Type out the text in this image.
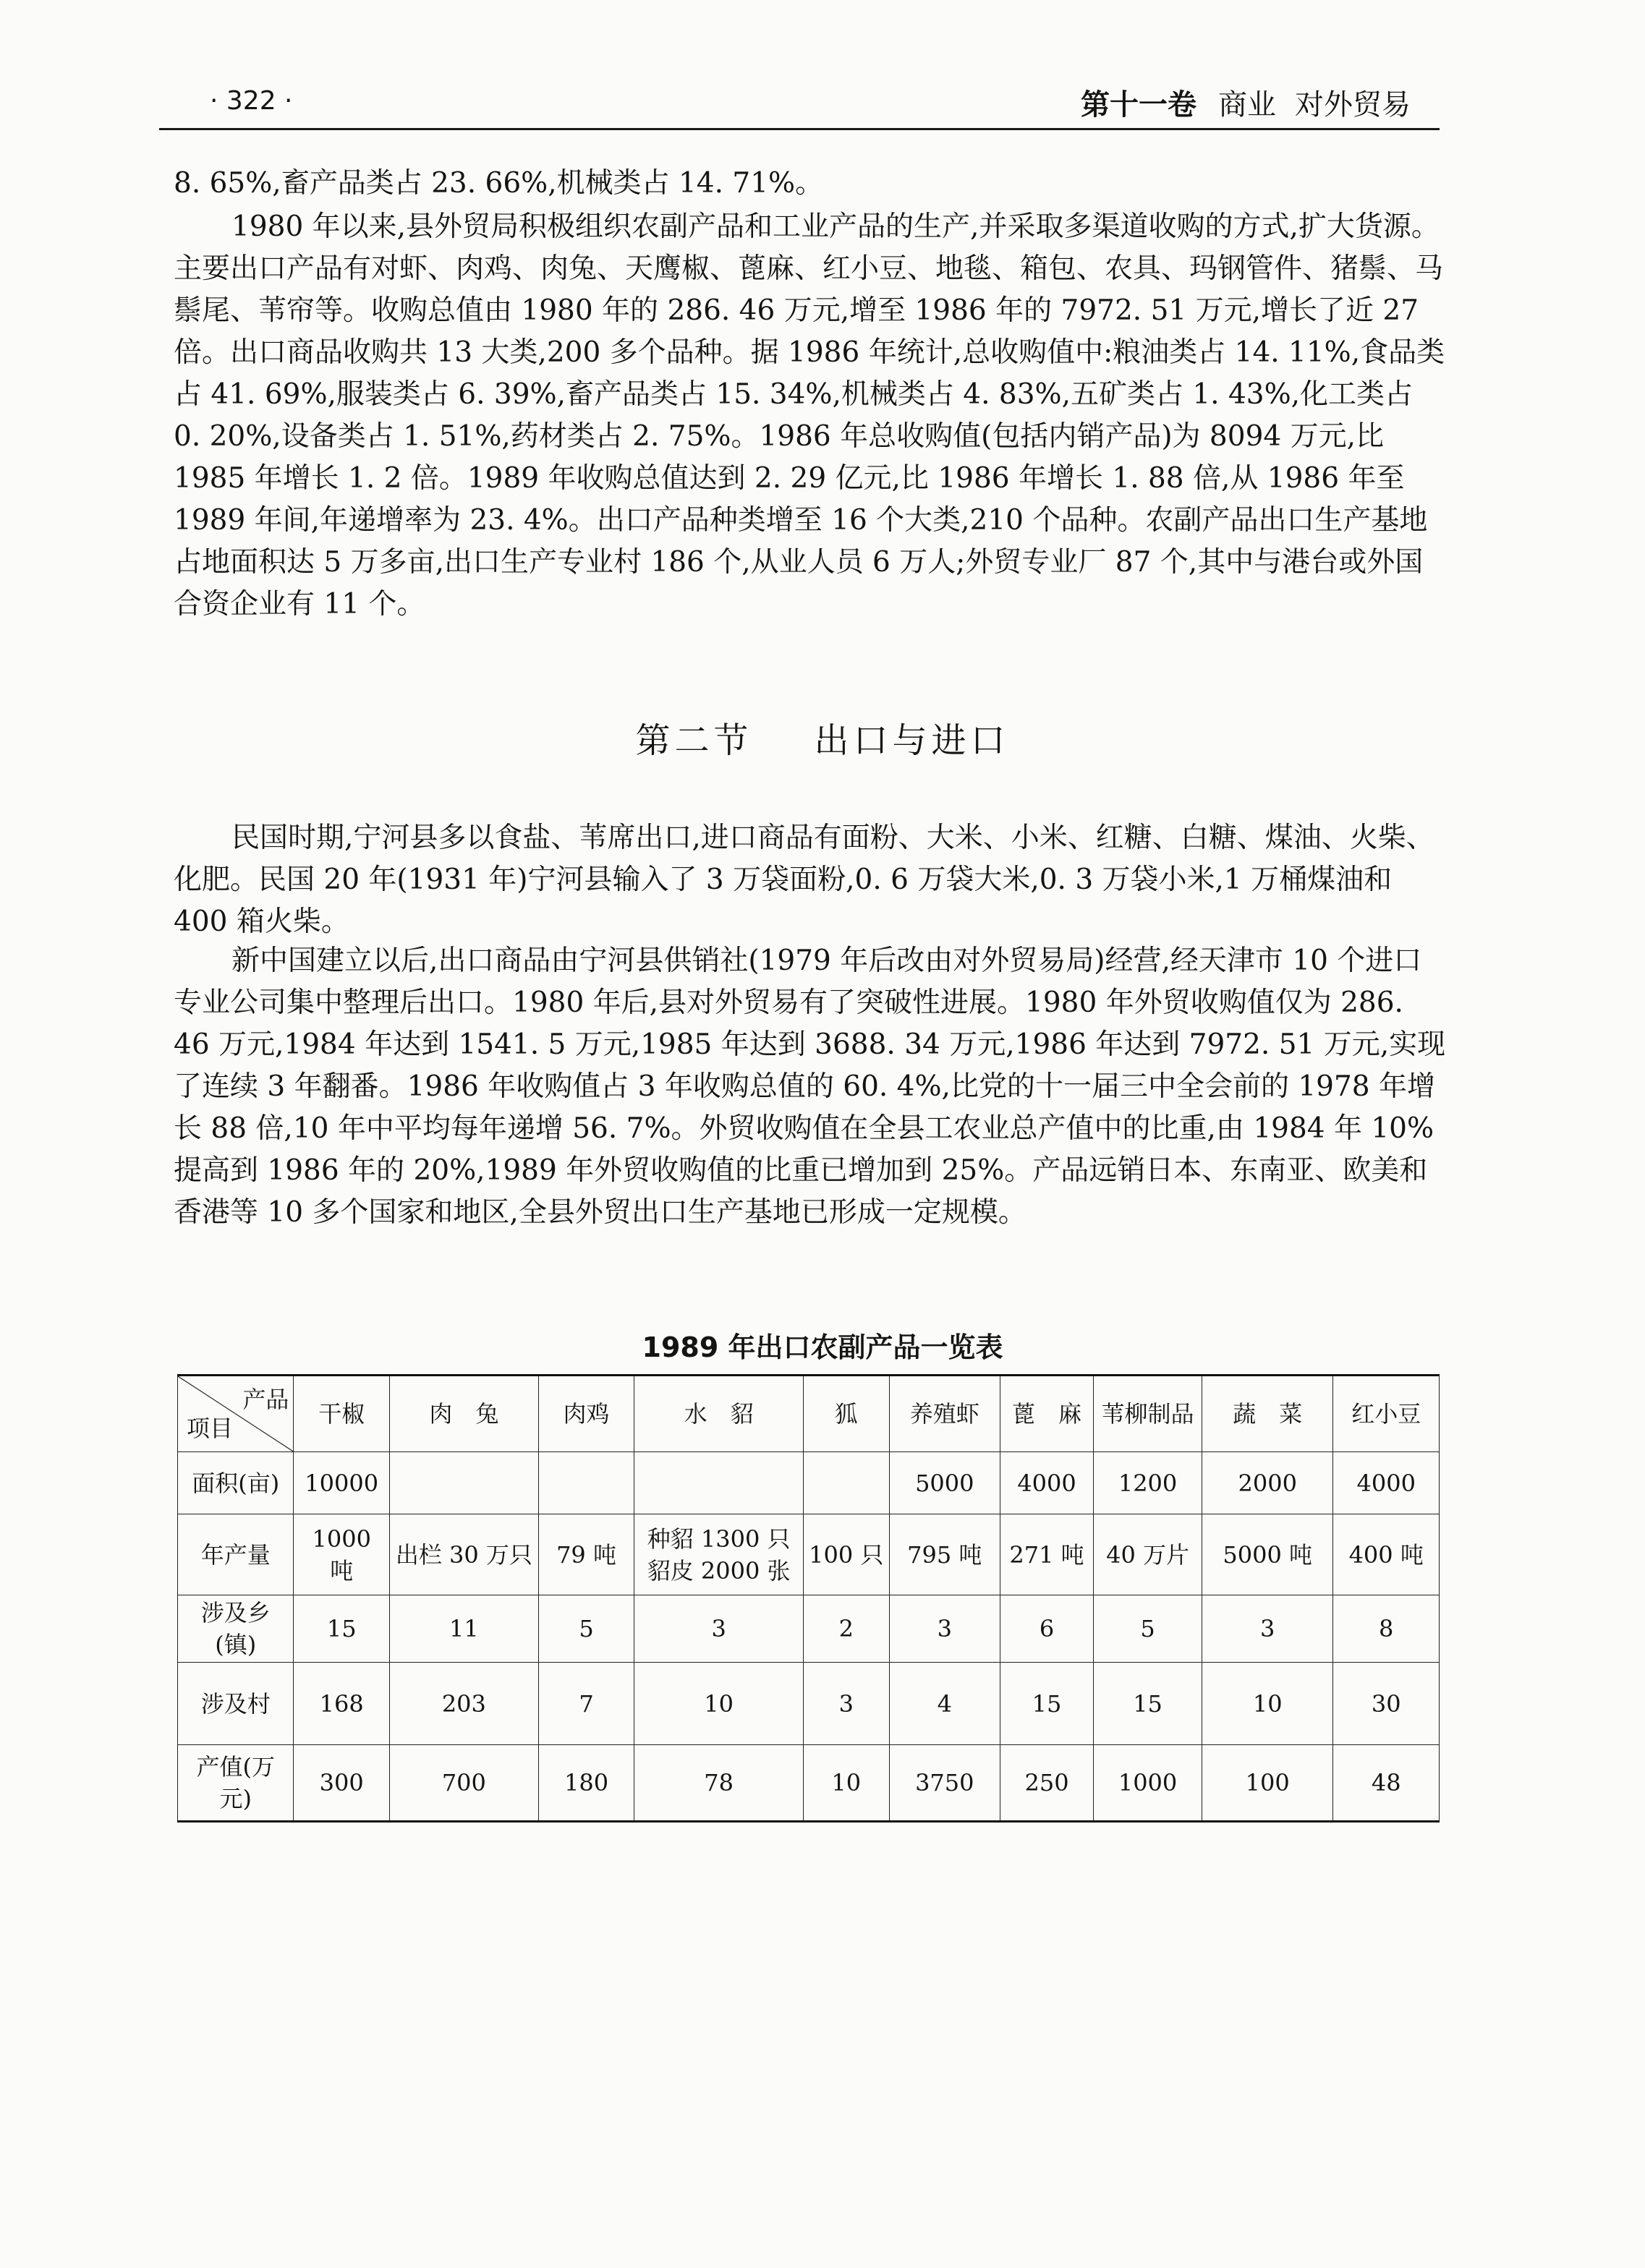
· 322 ·	第十一卷 商业 对外贸易

8. 65%,畜产品类占 23. 66%,机械类占 14. 71%。

1980 年以来,县外贸局积极组织农副产品和工业产品的生产,并采取多渠道收购的方式,扩大货源。主要出口产品有对虾、肉鸡、肉兔、天鹰椒、蓖麻、红小豆、地毯、箱包、农具、玛钢管件、猪鬃、马鬃尾、苇帘等。收购总值由 1980 年的 286. 46 万元,增至 1986 年的 7972. 51 万元,增长了近 27 倍。出口商品收购共 13 大类,200 多个品种。据 1986 年统计,总收购值中:粮油类占 14. 11%,食品类占 41. 69%,服装类占 6. 39%,畜产品类占 15. 34%,机械类占 4. 83%,五矿类占 1. 43%,化工类占 0. 20%,设备类占 1. 51%,药材类占 2. 75%。1986 年总收购值(包括内销产品)为 8094 万元,比 1985 年增长 1. 2 倍。1989 年收购总值达到 2. 29 亿元,比 1986 年增长 1. 88 倍,从 1986 年至 1989 年间,年递增率为 23. 4%。出口产品种类增至 16 个大类,210 个品种。农副产品出口生产基地占地面积达 5 万多亩,出口生产专业村 186 个,从业人员 6 万人;外贸专业厂 87 个,其中与港台或外国合资企业有 11 个。

第二节    出口与进口

民国时期,宁河县多以食盐、苇席出口,进口商品有面粉、大米、小米、红糖、白糖、煤油、火柴、化肥。民国 20 年(1931 年)宁河县输入了 3 万袋面粉,0. 6 万袋大米,0. 3 万袋小米,1 万桶煤油和 400 箱火柴。

新中国建立以后,出口商品由宁河县供销社(1979 年后改由对外贸易局)经营,经天津市 10 个进口专业公司集中整理后出口。1980 年后,县对外贸易有了突破性进展。1980 年外贸收购值仅为 286. 46 万元,1984 年达到 1541. 5 万元,1985 年达到 3688. 34 万元,1986 年达到 7972. 51 万元,实现了连续 3 年翻番。1986 年收购值占 3 年收购总值的 60. 4%,比党的十一届三中全会前的 1978 年增长 88 倍,10 年中平均每年递增 56. 7%。外贸收购值在全县工农业总产值中的比重,由 1984 年 10%提高到 1986 年的 20%,1989 年外贸收购值的比重已增加到 25%。产品远销日本、东南亚、欧美和香港等 10 多个国家和地区,全县外贸出口生产基地已形成一定规模。

1989 年出口农副产品一览表
产品
项目	干椒	肉　兔	肉鸡	水　貂	狐	养殖虾	蓖　麻	苇柳制品	蔬　菜	红小豆
面积(亩)	10000					5000	4000	1200	2000	4000
年产量	1000 吨	出栏 30 万只	79 吨	种貂 1300 只
貂皮 2000 张	100 只	795 吨	271 吨	40 万片	5000 吨	400 吨
涉及乡(镇)	15	11	5	3	2	3	6	5	3	8
涉及村	168	203	7	10	3	4	15	15	10	30
产值(万元)	300	700	180	78	10	3750	250	1000	100	48
